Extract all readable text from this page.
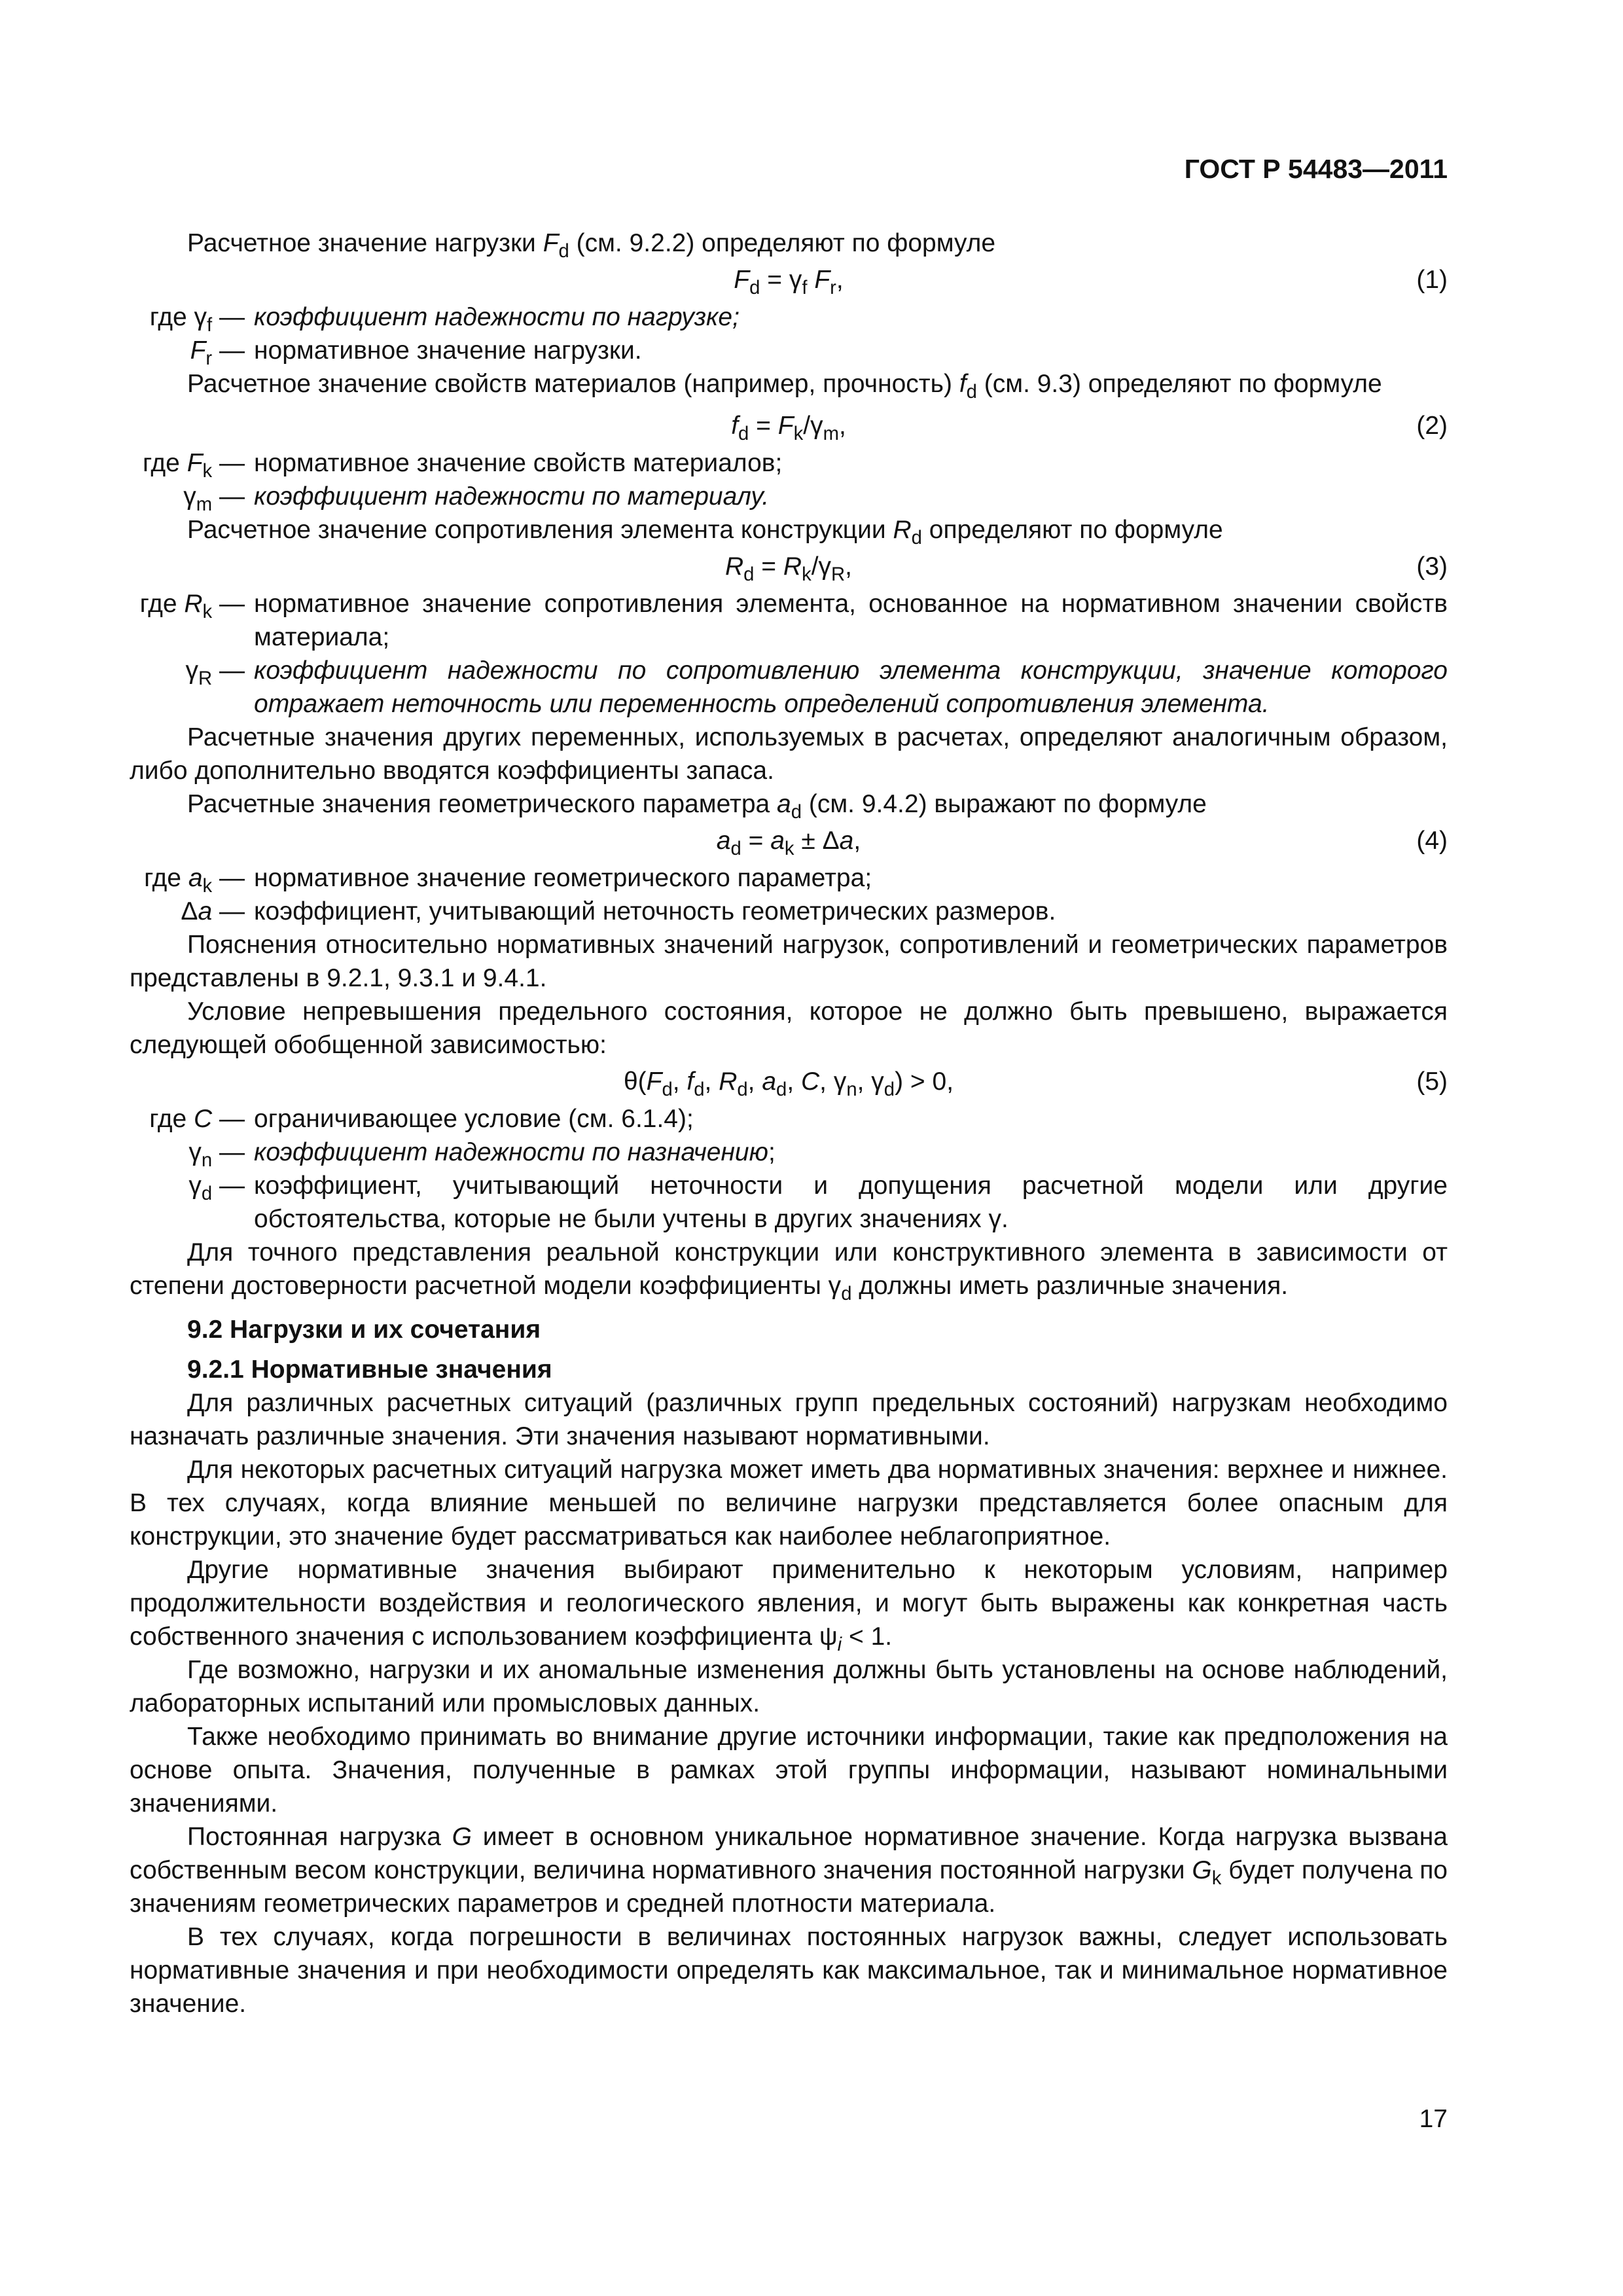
ГОСТ Р 54483—2011

Расчетное значение нагрузки $F_d$ (см. 9.2.2) определяют по формуле

$F_d = \gamma_f$ $F_r$,	(1)
где $\gamma_f$ — коэффициент надежности по нагрузке;
$F_r$ — нормативное значение нагрузки.

Расчетное значение свойств материалов (например, прочность) $f_d$ (см. 9.3) определяют по формуле

$f_d = F_k/\gamma_m$,	(2)
где $F_k$ — нормативное значение свойств материалов;
$\gamma_m$ — коэффициент надежности по материалу.

Расчетное значение сопротивления элемента конструкции $R_d$ определяют по формуле

$R_d = R_k/\gamma_R$,	(3)
где $R_k$ — нормативное значение сопротивления элемента, основанное на нормативном значении свойств материала;
$\gamma_R$ — коэффициент надежности по сопротивлению элемента конструкции, значение которого отражает неточность или переменность определений сопротивления элемента.

Расчетные значения других переменных, используемых в расчетах, определяют аналогичным образом, либо дополнительно вводятся коэффициенты запаса.

Расчетные значения геометрического параметра $a_d$ (см. 9.4.2) выражают по формуле

$a_d = a_k \pm \Delta a$,	(4)
где $a_k$ — нормативное значение геометрического параметра;
Δa — коэффициент, учитывающий неточность геометрических размеров.

Пояснения относительно нормативных значений нагрузок, сопротивлений и геометрических параметров представлены в 9.2.1, 9.3.1 и 9.4.1.

Условие непревышения предельного состояния, которое не должно быть превышено, выражается следующей обобщенной зависимостью:

$\theta(F_d$, $f_d$, $R_d$, $a_d$, C, $\gamma_n$, $\gamma_d) > 0$,	(5)
где C — ограничивающее условие (см. 6.1.4);
$\gamma_n$ — коэффициент надежности по назначению;
$\gamma_d$ — коэффициент, учитывающий неточности и допущения расчетной модели или другие обстоятельства, которые не были учтены в других значениях γ.

Для точного представления реальной конструкции или конструктивного элемента в зависимости от степени достоверности расчетной модели коэффициенты $\gamma_d$ должны иметь различные значения.

9.2 Нагрузки и их сочетания

9.2.1 Нормативные значения

Для различных расчетных ситуаций (различных групп предельных состояний) нагрузкам необходимо назначать различные значения. Эти значения называют нормативными.

Для некоторых расчетных ситуаций нагрузка может иметь два нормативных значения: верхнее и нижнее. В тех случаях, когда влияние меньшей по величине нагрузки представляется более опасным для конструкции, это значение будет рассматриваться как наиболее неблагоприятное.

Другие нормативные значения выбирают применительно к некоторым условиям, например продолжительности воздействия и геологического явления, и могут быть выражены как конкретная часть собственного значения с использованием коэффициента $\psi_i < 1$.

Где возможно, нагрузки и их аномальные изменения должны быть установлены на основе наблюдений, лабораторных испытаний или промысловых данных.

Также необходимо принимать во внимание другие источники информации, такие как предположения на основе опыта. Значения, полученные в рамках этой группы информации, называют номинальными значениями.

Постоянная нагрузка G имеет в основном уникальное нормативное значение. Когда нагрузка вызвана собственным весом конструкции, величина нормативного значения постоянной нагрузки $G_k$ будет получена по значениям геометрических параметров и средней плотности материала.

В тех случаях, когда погрешности в величинах постоянных нагрузок важны, следует использовать нормативные значения и при необходимости определять как максимальное, так и минимальное нормативное значение.

17
